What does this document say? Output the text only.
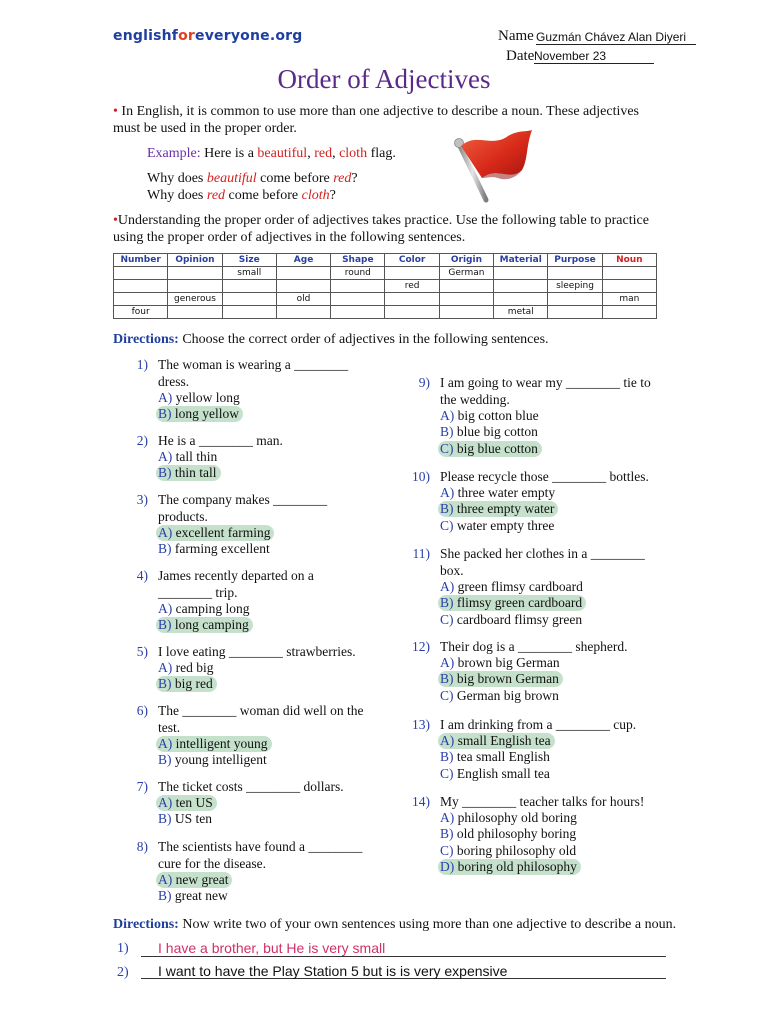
englishforeveryone.org	Name Guzmán Chávez Alan Diyeri
Date November 23
Order of Adjectives
• In English, it is common to use more than one adjective to describe a noun. These adjectives must be used in the proper order.
Example: Here is a beautiful, red, cloth flag.
Why does beautiful come before red?
Why does red come before cloth?
•Understanding the proper order of adjectives takes practice. Use the following table to practice using the proper order of adjectives in the following sentences.
Number	Opinion	Size	Age	Shape	Color	Origin	Material	Purpose	Noun
		small		round		German			
					red			sleeping	
	generous		old						man
four							metal		
Directions: Choose the correct order of adjectives in the following sentences.
1) The woman is wearing a ________ dress.
A) yellow long
B) long yellow
2) He is a ________ man.
A) tall thin
B) thin tall
3) The company makes ________ products.
A) excellent farming
B) farming excellent
4) James recently departed on a ________ trip.
A) camping long
B) long camping
5) I love eating ________ strawberries.
A) red big
B) big red
6) The ________ woman did well on the test.
A) intelligent young
B) young intelligent
7) The ticket costs ________ dollars.
A) ten US
B) US ten
8) The scientists have found a ________ cure for the disease.
A) new great
B) great new
9) I am going to wear my ________ tie to the wedding.
A) big cotton blue
B) blue big cotton
C) big blue cotton
10) Please recycle those ________ bottles.
A) three water empty
B) three empty water
C) water empty three
11) She packed her clothes in a ________ box.
A) green flimsy cardboard
B) flimsy green cardboard
C) cardboard flimsy green
12) Their dog is a ________ shepherd.
A) brown big German
B) big brown German
C) German big brown
13) I am drinking from a ________ cup.
A) small English tea
B) tea small English
C) English small tea
14) My ________ teacher talks for hours!
A) philosophy old boring
B) old philosophy boring
C) boring philosophy old
D) boring old philosophy
Directions: Now write two of your own sentences using more than one adjective to describe a noun.
1) I have a brother, but He is very small
2) I want to have the Play Station 5 but is is very expensive
